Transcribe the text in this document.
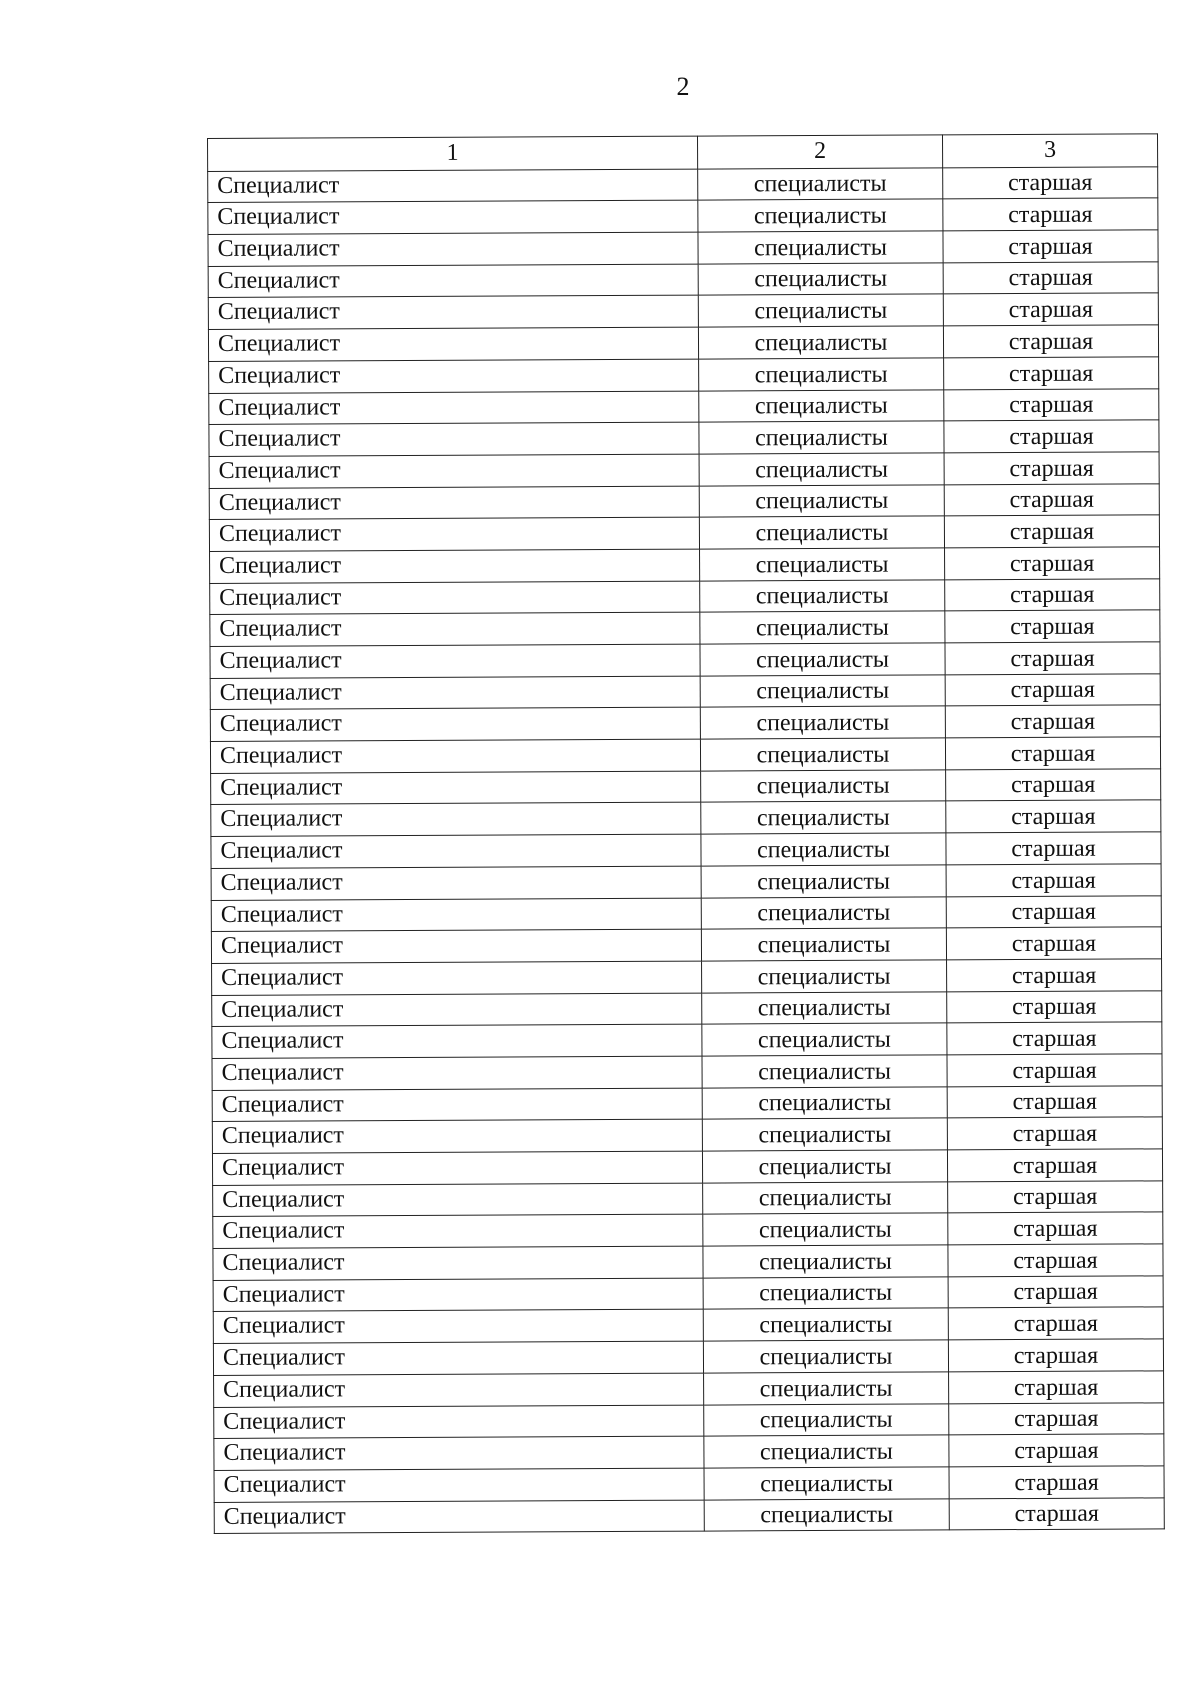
2
1	2	3
Специалист	специалисты	старшая
Специалист	специалисты	старшая
Специалист	специалисты	старшая
Специалист	специалисты	старшая
Специалист	специалисты	старшая
Специалист	специалисты	старшая
Специалист	специалисты	старшая
Специалист	специалисты	старшая
Специалист	специалисты	старшая
Специалист	специалисты	старшая
Специалист	специалисты	старшая
Специалист	специалисты	старшая
Специалист	специалисты	старшая
Специалист	специалисты	старшая
Специалист	специалисты	старшая
Специалист	специалисты	старшая
Специалист	специалисты	старшая
Специалист	специалисты	старшая
Специалист	специалисты	старшая
Специалист	специалисты	старшая
Специалист	специалисты	старшая
Специалист	специалисты	старшая
Специалист	специалисты	старшая
Специалист	специалисты	старшая
Специалист	специалисты	старшая
Специалист	специалисты	старшая
Специалист	специалисты	старшая
Специалист	специалисты	старшая
Специалист	специалисты	старшая
Специалист	специалисты	старшая
Специалист	специалисты	старшая
Специалист	специалисты	старшая
Специалист	специалисты	старшая
Специалист	специалисты	старшая
Специалист	специалисты	старшая
Специалист	специалисты	старшая
Специалист	специалисты	старшая
Специалист	специалисты	старшая
Специалист	специалисты	старшая
Специалист	специалисты	старшая
Специалист	специалисты	старшая
Специалист	специалисты	старшая
Специалист	специалисты	старшая
